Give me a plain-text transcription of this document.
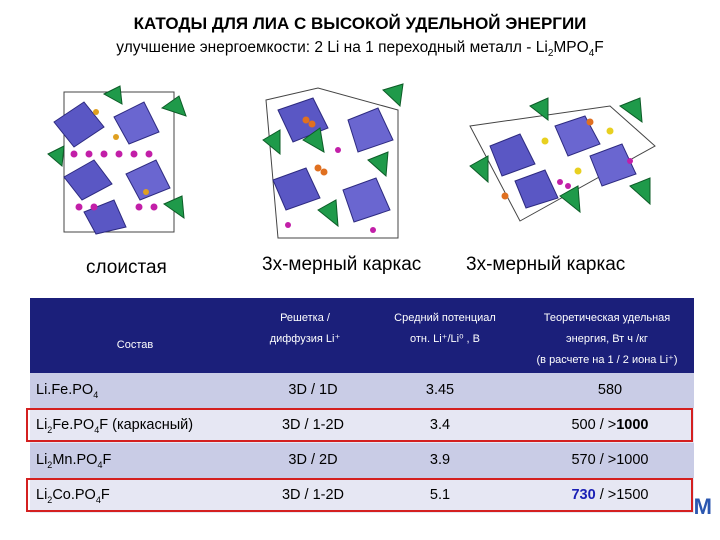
КАТОДЫ ДЛЯ ЛИА С ВЫСОКОЙ УДЕЛЬНОЙ ЭНЕРГИИ
улучшение энергоемкости: 2 Li на 1 переходный металл - $Li_2MPO_4F$
слоистая	3х-мерный каркас 3х-мерный каркас
Состав
Решетка /
диффузия Li⁺
Средний потенциал
отн. Li⁺/Li⁰ , В
Теоретическая удельная
энергия, Вт ч /кг
(в расчете на 1 / 2 иона Li⁺)
$Li.Fe.PO_4$	3D / 1D	3.45	580
$Li_2Fe.PO_4F$ (каркасный)	3D / 1-2D	3.4	500 / >1000
$Li_2Mn.PO_4F$	3D / 2D	3.9	570 / >1000
$Li_2Co.PO_4F$	3D / 1-2D	5.1	730 / >1500	M
